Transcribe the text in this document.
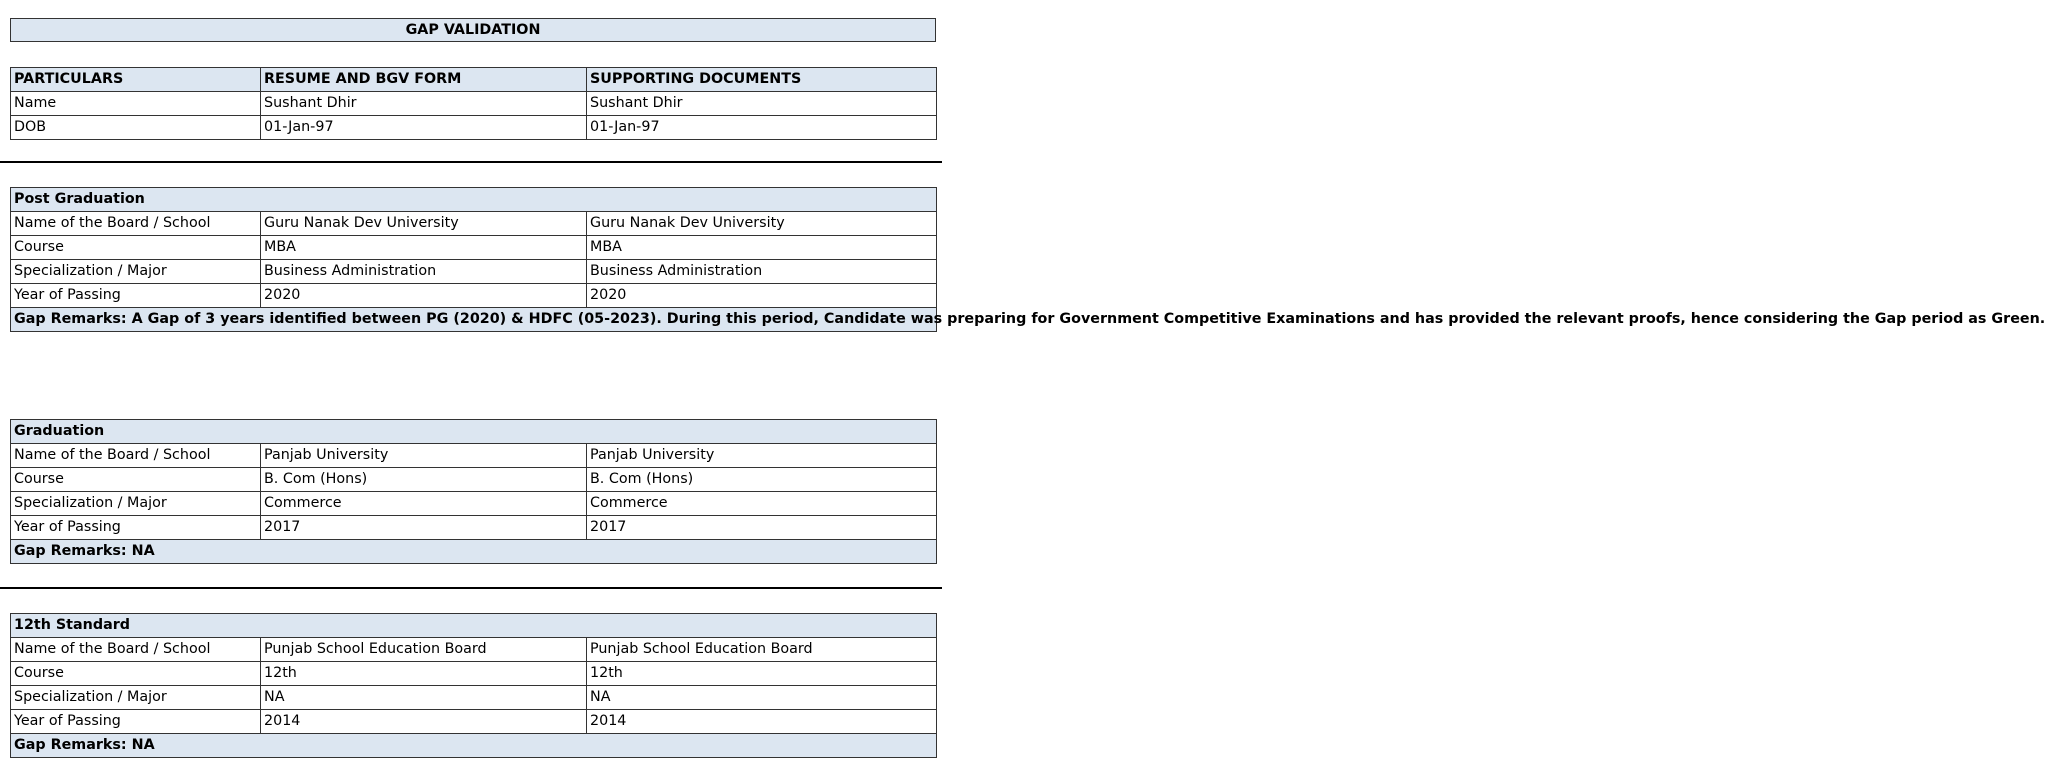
GAP VALIDATION
PARTICULARS	RESUME AND BGV FORM	SUPPORTING DOCUMENTS
Name	Sushant Dhir	Sushant Dhir
DOB	01-Jan-97	01-Jan-97
Post Graduation		
Name of the Board / School	Guru Nanak Dev University	Guru Nanak Dev University
Course	MBA	MBA
Specialization / Major	Business Administration	Business Administration
Year of Passing	2020	2020
Gap Remarks: A Gap of 3 years identified between PG (2020) & HDFC (05-2023). During this period, Candidate was preparing for Government Competitive Examinations and has provided the relevant proofs, hence considering the Gap period as Green.		
Graduation		
Name of the Board / School	Panjab University	Panjab University
Course	B. Com (Hons)	B. Com (Hons)
Specialization / Major	Commerce	Commerce
Year of Passing	2017	2017
Gap Remarks: NA		
12th Standard		
Name of the Board / School	Punjab School Education Board	Punjab School Education Board
Course	12th	12th
Specialization / Major	NA	NA
Year of Passing	2014	2014
Gap Remarks: NA		
